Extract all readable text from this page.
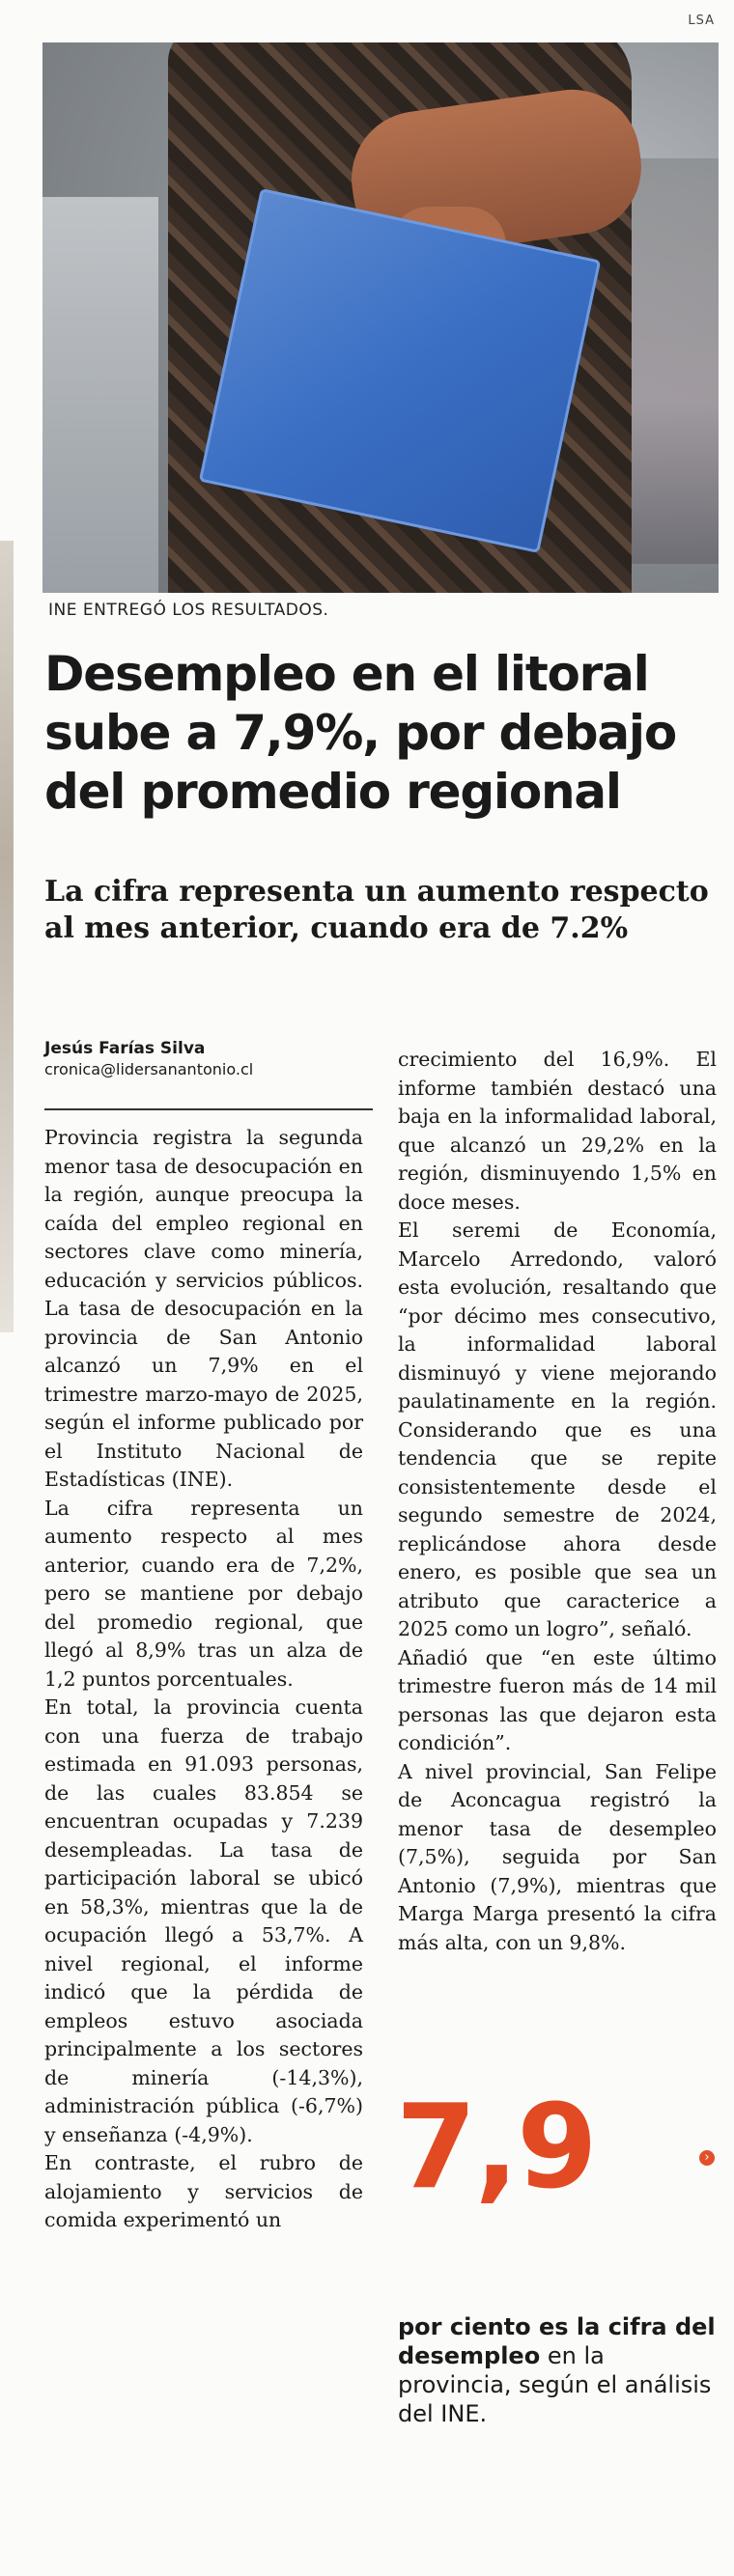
LSA
INE ENTREGÓ LOS RESULTADOS.
Desempleo en el litoral sube a 7,9%, por debajo del promedio regional
La cifra representa un aumento respecto al mes anterior, cuando era de 7.2%
Jesús Farías Silva
cronica@lidersanantonio.cl

Provincia registra la segunda menor tasa de desocupación en la región, aunque preocupa la caída del empleo regional en sectores clave como minería, educación y servicios públicos. La tasa de desocupación en la provincia de San Antonio alcanzó un 7,9% en el trimestre marzo-mayo de 2025, según el informe publicado por el Instituto Nacional de Estadísticas (INE).

La cifra representa un aumento respecto al mes anterior, cuando era de 7,2%, pero se mantiene por debajo del promedio regional, que llegó al 8,9% tras un alza de 1,2 puntos porcentuales.

En total, la provincia cuenta con una fuerza de trabajo estimada en 91.093 personas, de las cuales 83.854 se encuentran ocupadas y 7.239 desempleadas. La tasa de participación laboral se ubicó en 58,3%, mientras que la de ocupación llegó a 53,7%. A nivel regional, el informe indicó que la pérdida de empleos estuvo asociada principalmente a los sectores de minería (-14,3%), administración pública (-6,7%) y enseñanza (-4,9%).

En contraste, el rubro de alojamiento y servicios de comida experimentó un

crecimiento del 16,9%. El informe también destacó una baja en la informalidad laboral, que alcanzó un 29,2% en la región, disminuyendo 1,5% en doce meses.

El seremi de Economía, Marcelo Arredondo, valoró esta evolución, resaltando que “por décimo mes consecutivo, la informalidad laboral disminuyó y viene mejorando paulatinamente en la región. Considerando que es una tendencia que se repite consistentemente desde el segundo semestre de 2024, replicándose ahora desde enero, es posible que sea un atributo que caracterice a 2025 como un logro”, señaló.

Añadió que “en este último trimestre fueron más de 14 mil personas las que dejaron esta condición”.

A nivel provincial, San Felipe de Aconcagua registró la menor tasa de desempleo (7,5%), seguida por San Antonio (7,9%), mientras que Marga Marga presentó la cifra más alta, con un 9,8%.

›
7,9

por ciento es la cifra del desempleo en la provincia, según el análisis del INE.
